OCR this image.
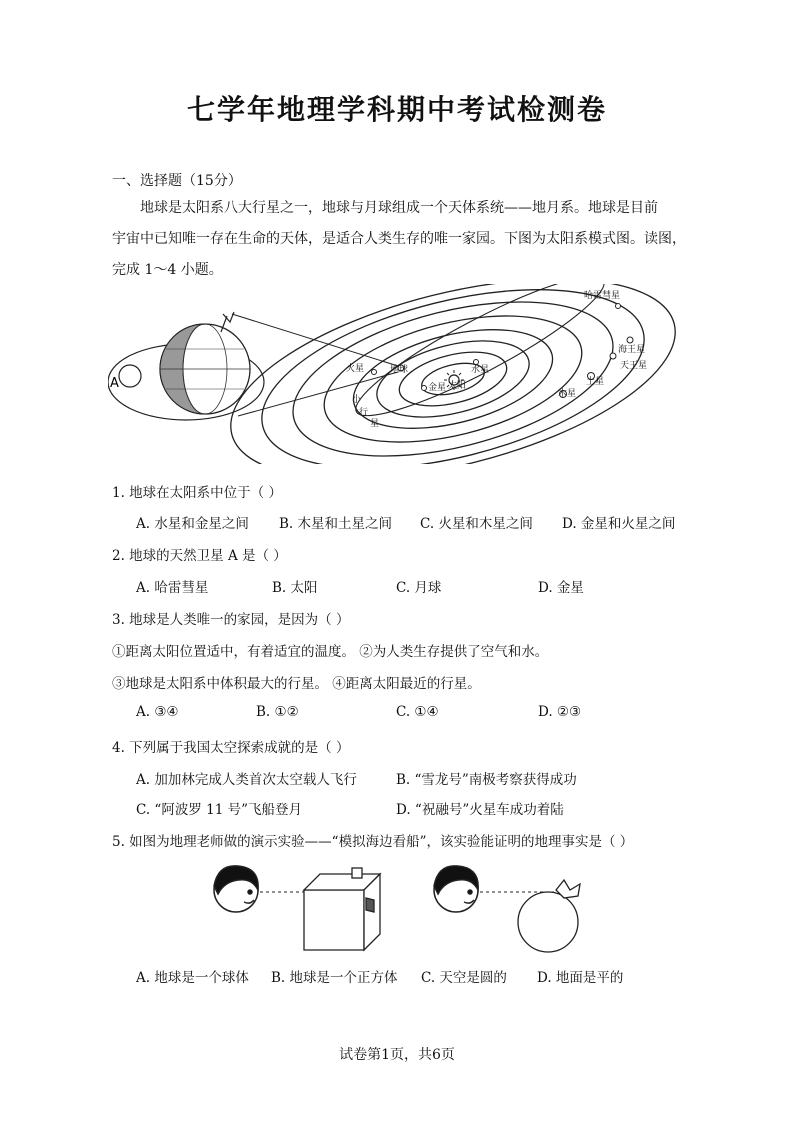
七学年地理学科期中考试检测卷
一、选择题（15分）
地球是太阳系八大行星之一，地球与月球组成一个天体系统——地月系。地球是目前
宇宙中已知唯一存在生命的天体，是适合人类生存的唯一家园。下图为太阳系模式图。读图，
完成 1～4 小题。
A
哈雷彗星
海王星
天王星
土星
木星
火星	地球	水星
金星 太阳
小
行
星
1. 地球在太阳系中位于（ ）
A. 水星和金星之间 B. 木星和土星之间 C. 火星和木星之间 D. 金星和火星之间
2. 地球的天然卫星 A 是（ ）
A. 哈雷彗星	B. 太阳	C. 月球	D. 金星
3. 地球是人类唯一的家园，是因为（ ）
①距离太阳位置适中，有着适宜的温度。 ②为人类生存提供了空气和水。
③地球是太阳系中体积最大的行星。 ④距离太阳最近的行星。
A. ③④	B. ①②	C. ①④	D. ②③
4. 下列属于我国太空探索成就的是（ ）
A. 加加林完成人类首次太空载人飞行	B. “雪龙号”南极考察获得成功
C. “阿波罗 11 号”飞船登月	D. “祝融号”火星车成功着陆
5. 如图为地理老师做的演示实验——“模拟海边看船”，该实验能证明的地理事实是（ ）
A. 地球是一个球体 B. 地球是一个正方体 C. 天空是圆的 D. 地面是平的
试卷第1页，共6页
